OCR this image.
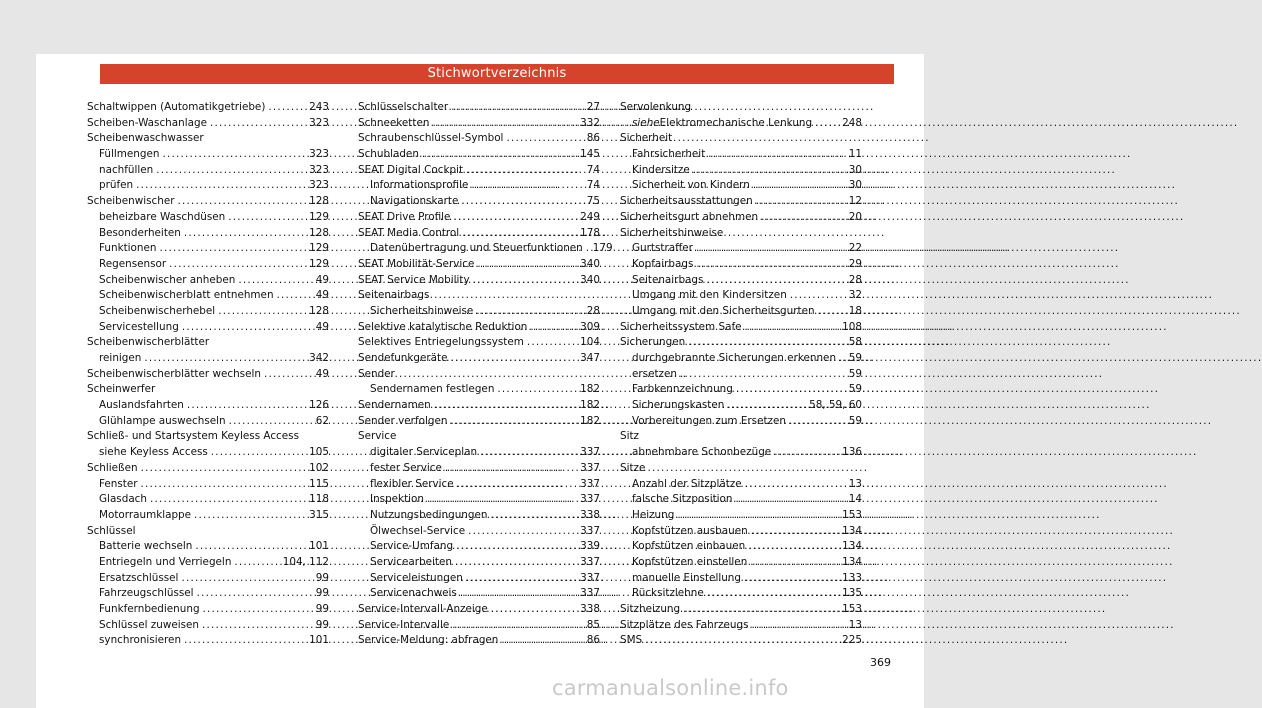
Stichwortverzeichnis
Schaltwippen (Automatikgetriebe) .....	243
Scheiben-Waschanlage .....	323
Scheibenwaschwasser
Füllmengen .....	323
nachfüllen .....	323
prüfen .....	323
Scheibenwischer .....	128
beheizbare Waschdüsen .....	129
Besonderheiten .....	128
Funktionen .....	129
Regensensor .....	129
Scheibenwischer anheben .....	49
Scheibenwischerblatt entnehmen .....	49
Scheibenwischerhebel .....	128
Servicestellung .....	49
Scheibenwischerblätter
reinigen .....	342
Scheibenwischerblätter wechseln .....	49
Scheinwerfer
Auslandsfahrten .....	126
Glühlampe auswechseln .....	62
Schließ- und Startsystem Keyless Access
siehe Keyless Access .....	105
Schließen .....	102
Fenster .....	115
Glasdach .....	118
Motorraumklappe .....	315
Schlüssel
Batterie wechseln .....	101
Entriegeln und Verriegeln .....	104, 112
Ersatzschlüssel .....	99
Fahrzeugschlüssel .....	99
Funkfernbedienung .....	99
Schlüssel zuweisen .....	99
synchronisieren .....	101
Schlüsselschalter .....	27
Schneeketten .....	332
Schraubenschlüssel-Symbol .....	86
Schubladen .....	145
SEAT Digital Cockpit .....	74
Informationsprofile .....	74
Navigationskarte .....	75
SEAT Drive Profile .....	249
SEAT Media Control .....	178
Datenübertragung und Steuerfunktionen ..... 179
SEAT Mobilität-Service .....	340
SEAT Service Mobility .....	340
Seitenairbags
Sicherheitshinweise .....	28
Selektive katalytische Reduktion .....	309
Selektives Entriegelungssystem .....	104
Sendefunkgeräte .....	347
Sender
Sendernamen festlegen .....	182
Sendernamen .....	182
Sender verfolgen .....	182
Service
digitaler Serviceplan .....	337
fester Service .....	337
flexibler Service .....	337
Inspektion .....	337
Nutzungsbedingungen .....	338
Ölwechsel-Service .....	337
Service-Umfang .....	339
Servicearbeiten .....	337
Serviceleistungen .....	337
Servicenachweis .....	337
Service-Intervall-Anzeige .....	338
Service-Intervalle .....	85
Service-Meldung: abfragen .....	86
Servolenkung
siehe Elektromechanische Lenkung .....	248
Sicherheit
Fahrsicherheit .....	11
Kindersitze .....	30
Sicherheit von Kindern .....	30
Sicherheitsausstattungen .....	12
Sicherheitsgurt abnehmen .....	20
Sicherheitshinweise
Gurtstraffer .....	22
Kopfairbags .....	29
Seitenairbags .....	28
Umgang mit den Kindersitzen .....	32
Umgang mit den Sicherheitsgurten .....	18
Sicherheitssystem Safe .....	108
Sicherungen .....	58
durchgebrannte Sicherungen erkennen ..... 59
ersetzen .....	59
Farbkennzeichnung .....	59
Sicherungskasten .....	58, 59, 60
Vorbereitungen zum Ersetzen .....	59
Sitz
abnehmbare Schonbezüge .....	136
Sitze
Anzahl der Sitzplätze .....	13
falsche Sitzposition .....	14
Heizung .....	153
Kopfstützen ausbauen .....	134
Kopfstützen einbauen .....	134
Kopfstützen einstellen .....	134
manuelle Einstellung .....	133
Rücksitzlehne .....	135
Sitzheizung .....	153
Sitzplätze des Fahrzeugs .....	13
SMS .....	225
369
carmanualsonline.info
